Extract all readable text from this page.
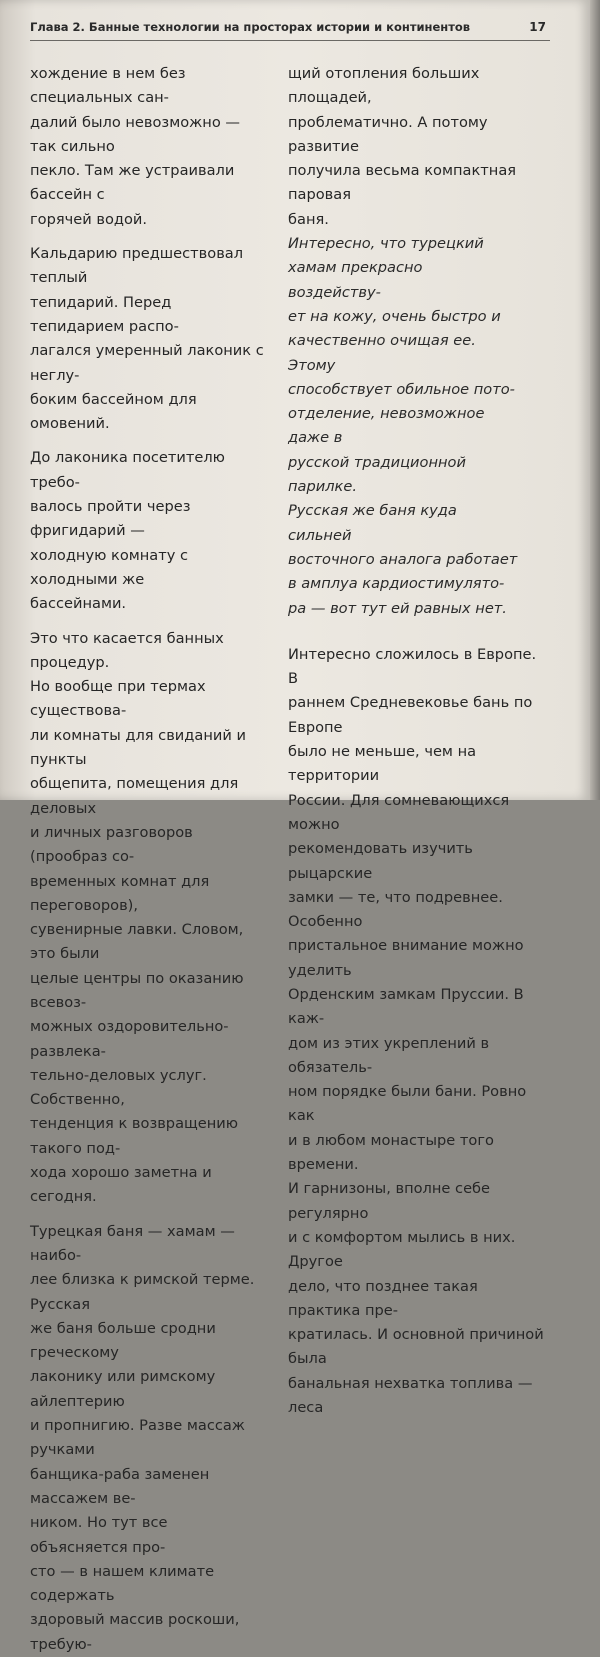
Глава 2. Банные технологии на просторах истории и континентов	17

хождение в нем без специальных сан-
далий было невозможно — так сильно
пекло. Там же устраивали бассейн с
горячей водой.

Кальдарию предшествовал теплый
тепидарий. Перед тепидарием распо-
лагался умеренный лаконик с неглу-
боким бассейном для омовений.

До лаконика посетителю требо-
валось пройти через фригидарий —
холодную комнату с холодными же
бассейнами.

Это что касается банных процедур.
Но вообще при термах существова-
ли комнаты для свиданий и пункты
общепита, помещения для деловых
и личных разговоров (прообраз со-
временных комнат для переговоров),
сувенирные лавки. Словом, это были
целые центры по оказанию всевоз-
можных оздоровительно-развлека-
тельно-деловых услуг. Собственно,
тенденция к возвращению такого под-
хода хорошо заметна и сегодня.

Турецкая баня — хамам — наибо-
лее близка к римской терме. Русская
же баня больше сродни греческому
лаконику или римскому айлептерию
и пропнигию. Разве массаж ручками
банщика-раба заменен массажем ве-
ником. Но тут все объясняется про-
сто — в нашем климате содержать
здоровый массив роскоши, требую-

щий отопления больших площадей,
проблематично. А потому развитие
получила весьма компактная паровая
баня.

Интересно, что турецкий
хамам прекрасно воздейству-
ет на кожу, очень быстро и
качественно очищая ее. Этому
способствует обильное пото-
отделение, невозможное даже в
русской традиционной парилке.
Русская же баня куда сильней
восточного аналога работает
в амплуа кардиостимулято-
ра — вот тут ей равных нет.

Интересно сложилось в Европе. В
раннем Средневековье бань по Европе
было не меньше, чем на территории
России. Для сомневающихся можно
рекомендовать изучить рыцарские
замки — те, что подревнее. Особенно
пристальное внимание можно уделить
Орденским замкам Пруссии. В каж-
дом из этих укреплений в обязатель-
ном порядке были бани. Ровно как
и в любом монастыре того времени.
И гарнизоны, вполне себе регулярно
и с комфортом мылись в них. Другое
дело, что позднее такая практика пре-
кратилась. И основной причиной была
банальная нехватка топлива — леса
